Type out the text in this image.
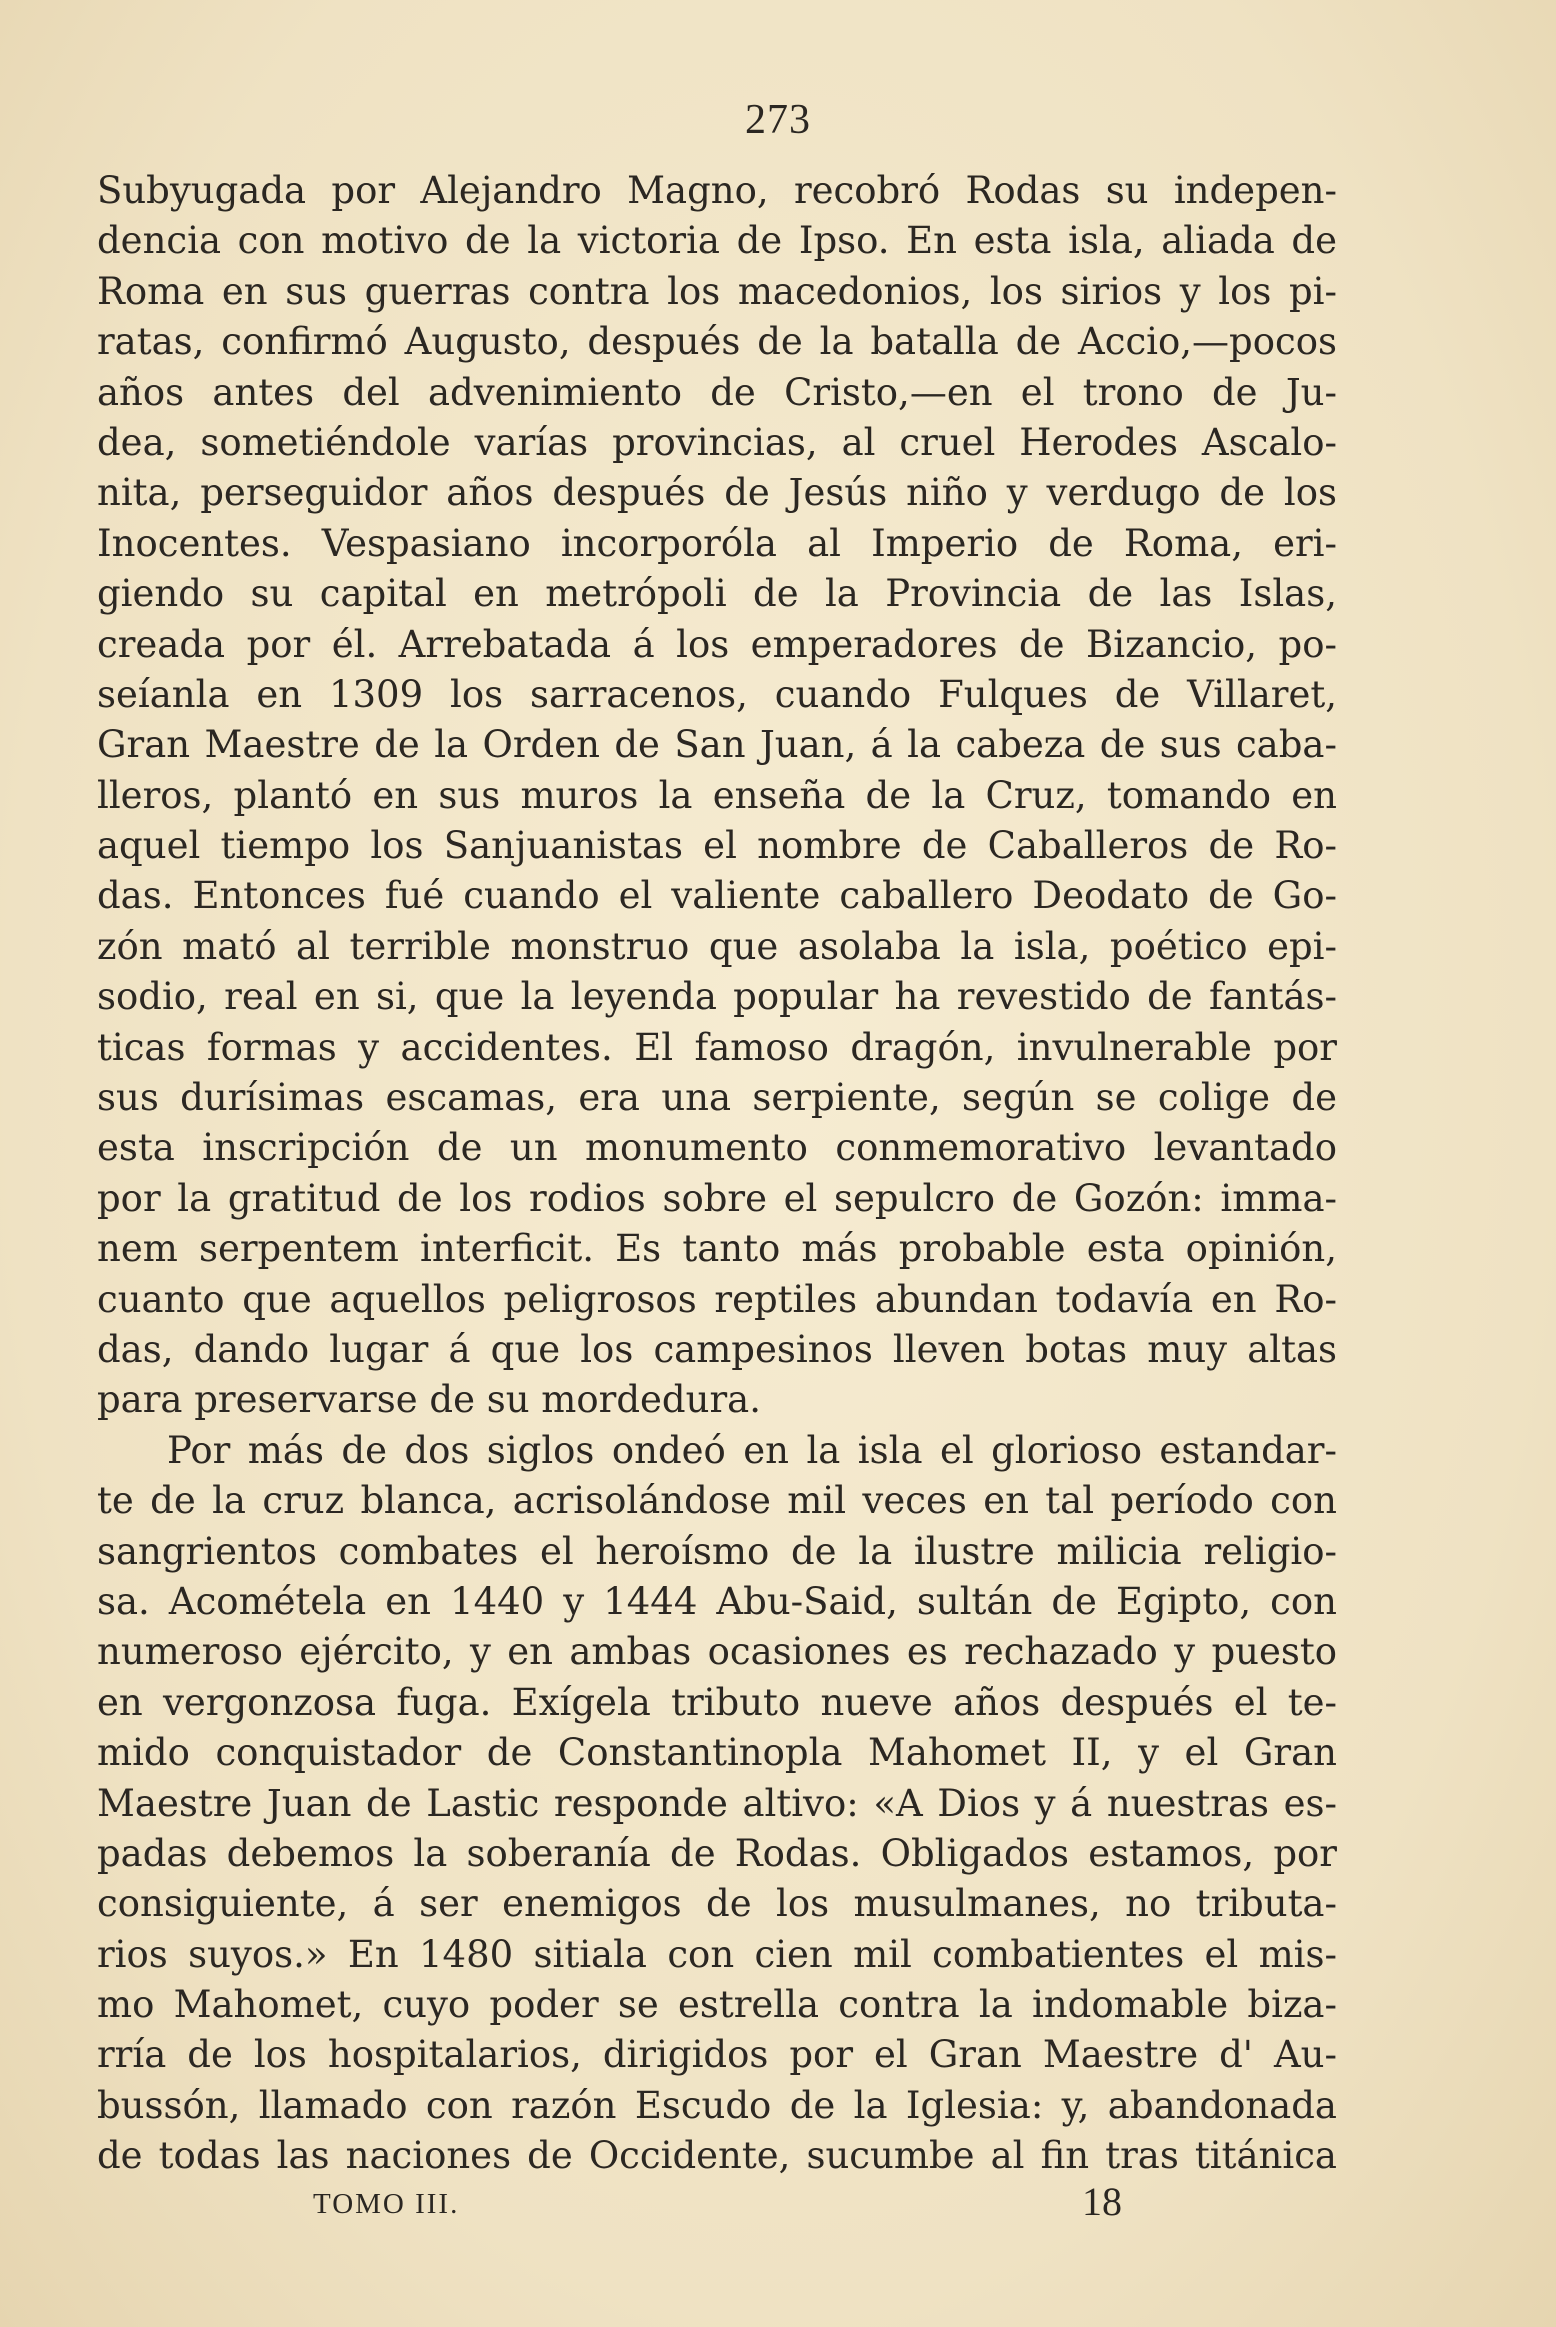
273
Subyugada por Alejandro Magno, recobró Rodas su indepen-
dencia con motivo de la victoria de Ipso. En esta isla, aliada de
Roma en sus guerras contra los macedonios, los sirios y los pi-
ratas, confirmó Augusto, después de la batalla de Accio,—pocos
años antes del advenimiento de Cristo,—en el trono de Ju-
dea, sometiéndole varías provincias, al cruel Herodes Ascalo-
nita, perseguidor años después de Jesús niño y verdugo de los
Inocentes. Vespasiano incorporóla al Imperio de Roma, eri-
giendo su capital en metrópoli de la Provincia de las Islas,
creada por él. Arrebatada á los emperadores de Bizancio, po-
seíanla en 1309 los sarracenos, cuando Fulques de Villaret,
Gran Maestre de la Orden de San Juan, á la cabeza de sus caba-
lleros, plantó en sus muros la enseña de la Cruz, tomando en
aquel tiempo los Sanjuanistas el nombre de Caballeros de Ro-
das. Entonces fué cuando el valiente caballero Deodato de Go-
zón mató al terrible monstruo que asolaba la isla, poético epi-
sodio, real en si, que la leyenda popular ha revestido de fantás-
ticas formas y accidentes. El famoso dragón, invulnerable por
sus durísimas escamas, era una serpiente, según se colige de
esta inscripción de un monumento conmemorativo levantado
por la gratitud de los rodios sobre el sepulcro de Gozón: imma-
nem serpentem interficit. Es tanto más probable esta opinión,
cuanto que aquellos peligrosos reptiles abundan todavía en Ro-
das, dando lugar á que los campesinos lleven botas muy altas
para preservarse de su mordedura.
Por más de dos siglos ondeó en la isla el glorioso estandar-
te de la cruz blanca, acrisolándose mil veces en tal período con
sangrientos combates el heroísmo de la ilustre milicia religio-
sa. Acométela en 1440 y 1444 Abu-Said, sultán de Egipto, con
numeroso ejército, y en ambas ocasiones es rechazado y puesto
en vergonzosa fuga. Exígela tributo nueve años después el te-
mido conquistador de Constantinopla Mahomet II, y el Gran
Maestre Juan de Lastic responde altivo: «A Dios y á nuestras es-
padas debemos la soberanía de Rodas. Obligados estamos, por
consiguiente, á ser enemigos de los musulmanes, no tributa-
rios suyos.» En 1480 sitiala con cien mil combatientes el mis-
mo Mahomet, cuyo poder se estrella contra la indomable biza-
rría de los hospitalarios, dirigidos por el Gran Maestre d' Au-
bussón, llamado con razón Escudo de la Iglesia: y, abandonada
de todas las naciones de Occidente, sucumbe al fin tras titánica
TOMO III.	18
